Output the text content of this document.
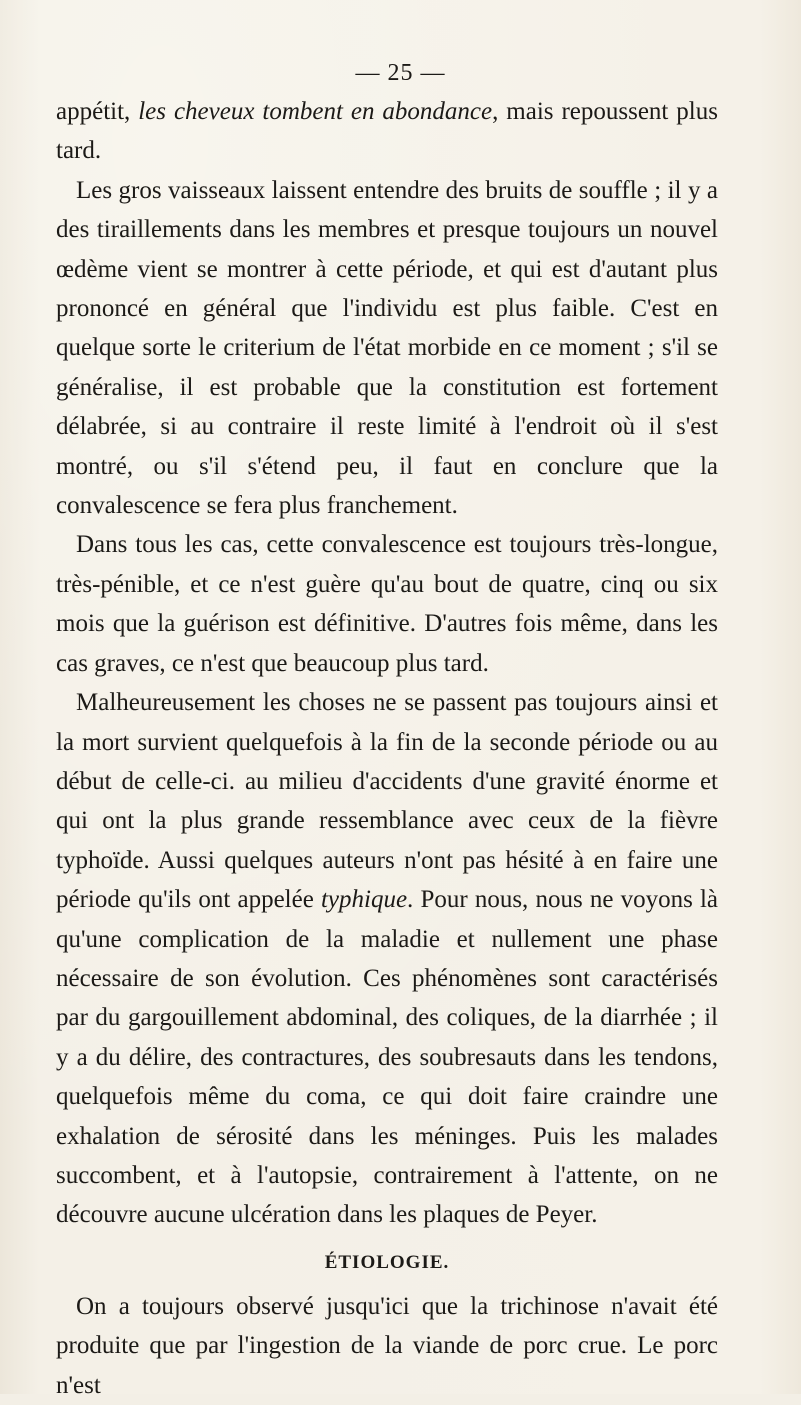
— 25 —

appétit, les cheveux tombent en abondance, mais repoussent plus tard.

Les gros vaisseaux laissent entendre des bruits de souffle ; il y a des tiraillements dans les membres et presque toujours un nouvel œdème vient se montrer à cette période, et qui est d'autant plus prononcé en général que l'individu est plus faible. C'est en quelque sorte le criterium de l'état morbide en ce moment ; s'il se généralise, il est probable que la constitution est fortement délabrée, si au contraire il reste limité à l'endroit où il s'est montré, ou s'il s'étend peu, il faut en conclure que la convalescence se fera plus franchement.

Dans tous les cas, cette convalescence est toujours très-longue, très-pénible, et ce n'est guère qu'au bout de quatre, cinq ou six mois que la guérison est définitive. D'autres fois même, dans les cas graves, ce n'est que beaucoup plus tard.

Malheureusement les choses ne se passent pas toujours ainsi et la mort survient quelquefois à la fin de la seconde période ou au début de celle-ci. au milieu d'accidents d'une gravité énorme et qui ont la plus grande ressemblance avec ceux de la fièvre typhoïde. Aussi quelques auteurs n'ont pas hésité à en faire une période qu'ils ont appelée typhique. Pour nous, nous ne voyons là qu'une complication de la maladie et nullement une phase nécessaire de son évolution. Ces phénomènes sont caractérisés par du gargouillement abdominal, des coliques, de la diarrhée ; il y a du délire, des contractures, des soubresauts dans les tendons, quelquefois même du coma, ce qui doit faire craindre une exhalation de sérosité dans les méninges. Puis les malades succombent, et à l'autopsie, contrairement à l'attente, on ne découvre aucune ulcération dans les plaques de Peyer.

ÉTIOLOGIE.

On a toujours observé jusqu'ici que la trichinose n'avait été produite que par l'ingestion de la viande de porc crue. Le porc n'est
